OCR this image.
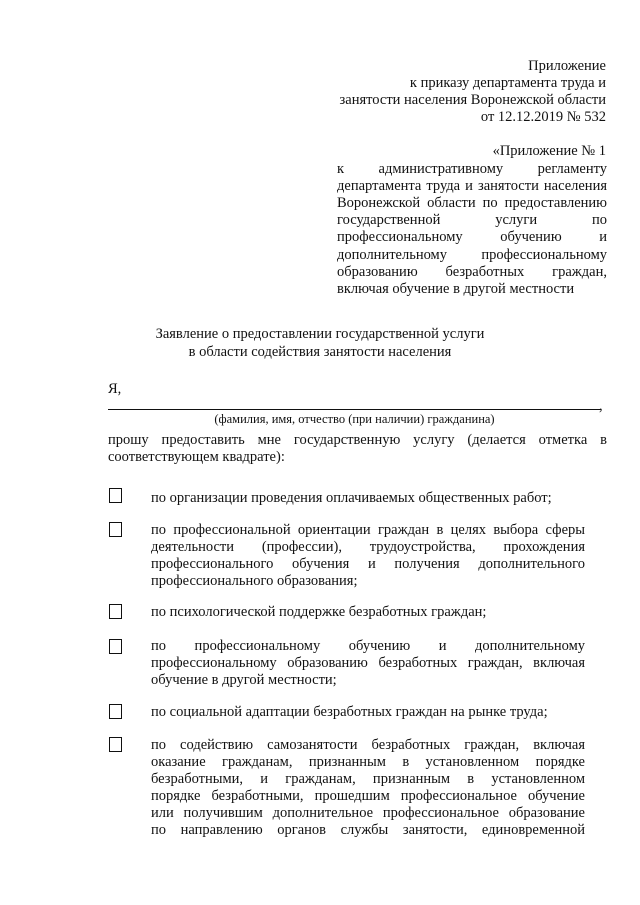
Приложение
к приказу департамента труда и
занятости населения Воронежской области
от 12.12.2019 № 532
«Приложение № 1
к административному регламенту
департамента труда и занятости населения
Воронежской области по предоставлению
государственной услуги по
профессиональному обучению и
дополнительному профессиональному
образованию безработных граждан,
включая обучение в другой местности
Заявление о предоставлении государственной услуги
в области содействия занятости населения
Я,
,
(фамилия, имя, отчество (при наличии) гражданина)
прошу предоставить мне государственную услугу (делается отметка в
соответствующем квадрате):
по организации проведения оплачиваемых общественных работ;
по профессиональной ориентации граждан в целях выбора сферы
деятельности (профессии), трудоустройства, прохождения
профессионального обучения и получения дополнительного
профессионального образования;
по психологической поддержке безработных граждан;
по профессиональному обучению и дополнительному
профессиональному образованию безработных граждан, включая
обучение в другой местности;
по социальной адаптации безработных граждан на рынке труда;
по содействию самозанятости безработных граждан, включая
оказание гражданам, признанным в установленном порядке
безработными, и гражданам, признанным в установленном
порядке безработными, прошедшим профессиональное обучение
или получившим дополнительное профессиональное образование
по направлению органов службы занятости, единовременной
